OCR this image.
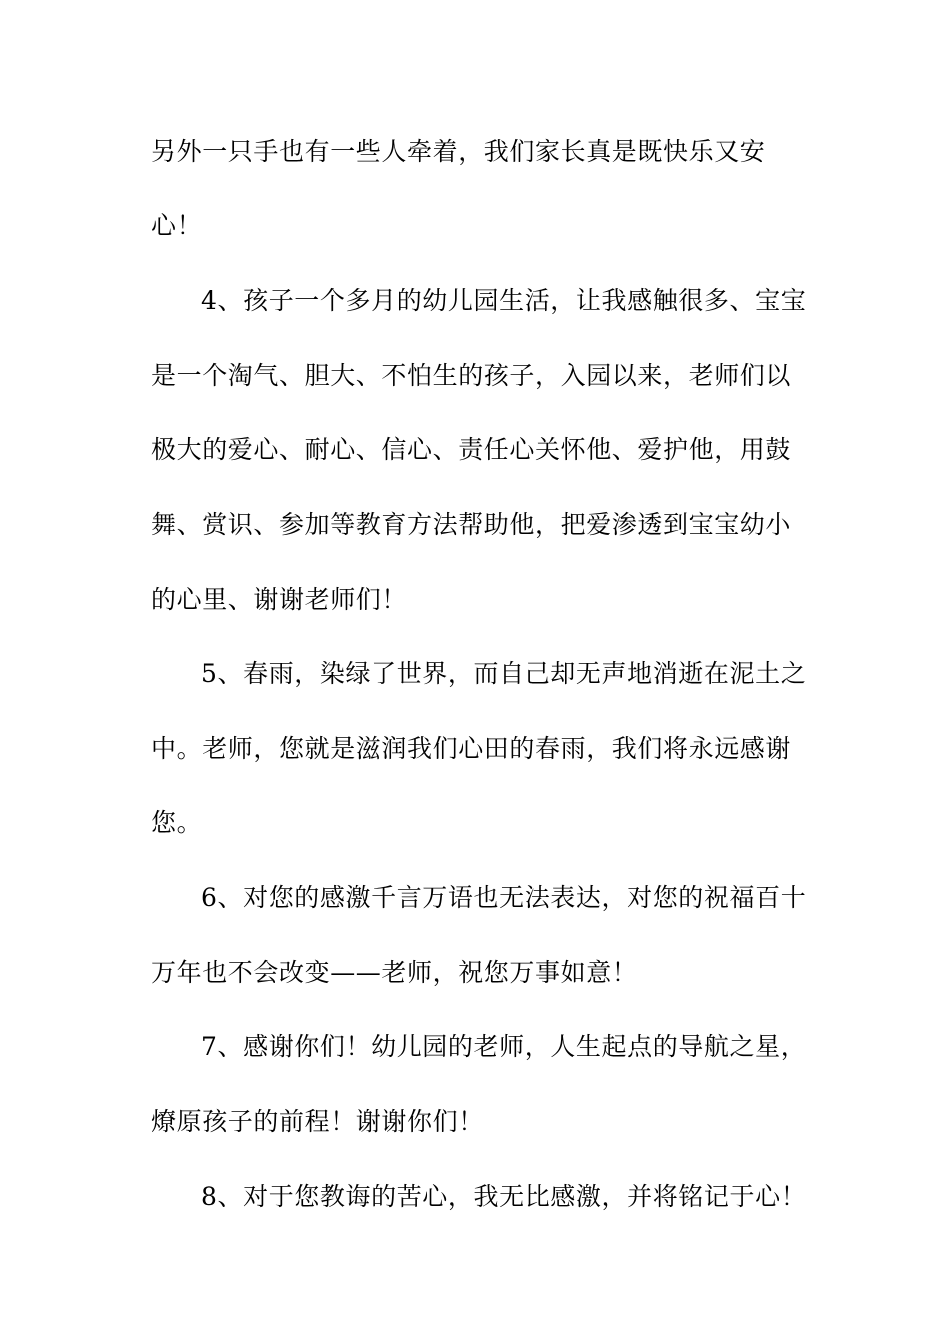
另外一只手也有一些人牵着，我们家长真是既快乐又安
心！
4、孩子一个多月的幼儿园生活，让我感触很多、宝宝
是一个淘气、胆大、不怕生的孩子，入园以来，老师们以
极大的爱心、耐心、信心、责任心关怀他、爱护他，用鼓
舞、赏识、参加等教育方法帮助他，把爱渗透到宝宝幼小
的心里、谢谢老师们！
5、春雨，染绿了世界，而自己却无声地消逝在泥土之
中。老师，您就是滋润我们心田的春雨，我们将永远感谢
您。
6、对您的感激千言万语也无法表达，对您的祝福百十
万年也不会改变——老师，祝您万事如意！
7、感谢你们！幼儿园的老师，人生起点的导航之星，
燎原孩子的前程！谢谢你们！
8、对于您教诲的苦心，我无比感激，并将铭记于心！
